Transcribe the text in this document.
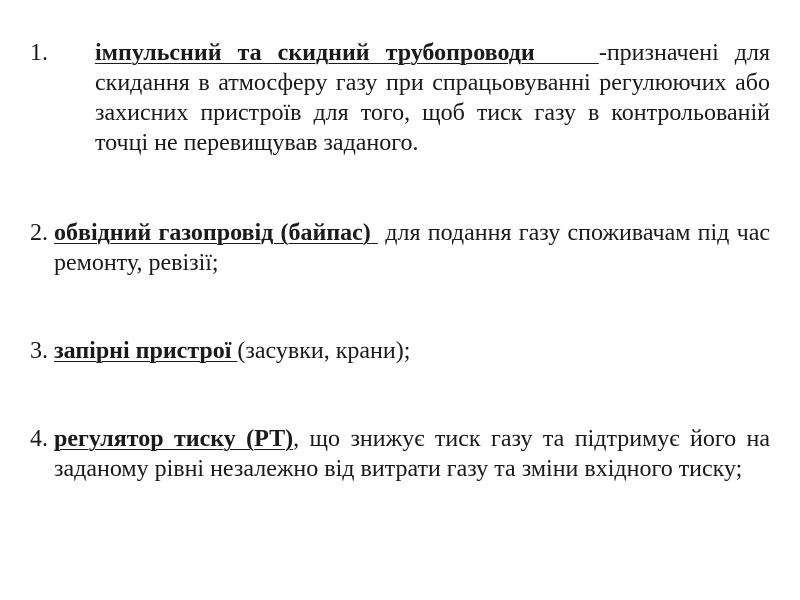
1.	імпульсний та скидний трубопроводи	-призначені для скидання в атмосферу газу при спрацьовуванні регулюючих або захисних пристроїв для того, щоб тиск газу в контрольованій точці не перевищував заданого.
2. обвідний газопровід (байпас) для подання газу споживачам під час ремонту, ревізії;
3. запірні пристрої (засувки, крани);
4. регулятор тиску (РТ), що знижує тиск газу та підтримує його на заданому рівні незалежно від витрати газу та зміни вхідного тиску;
